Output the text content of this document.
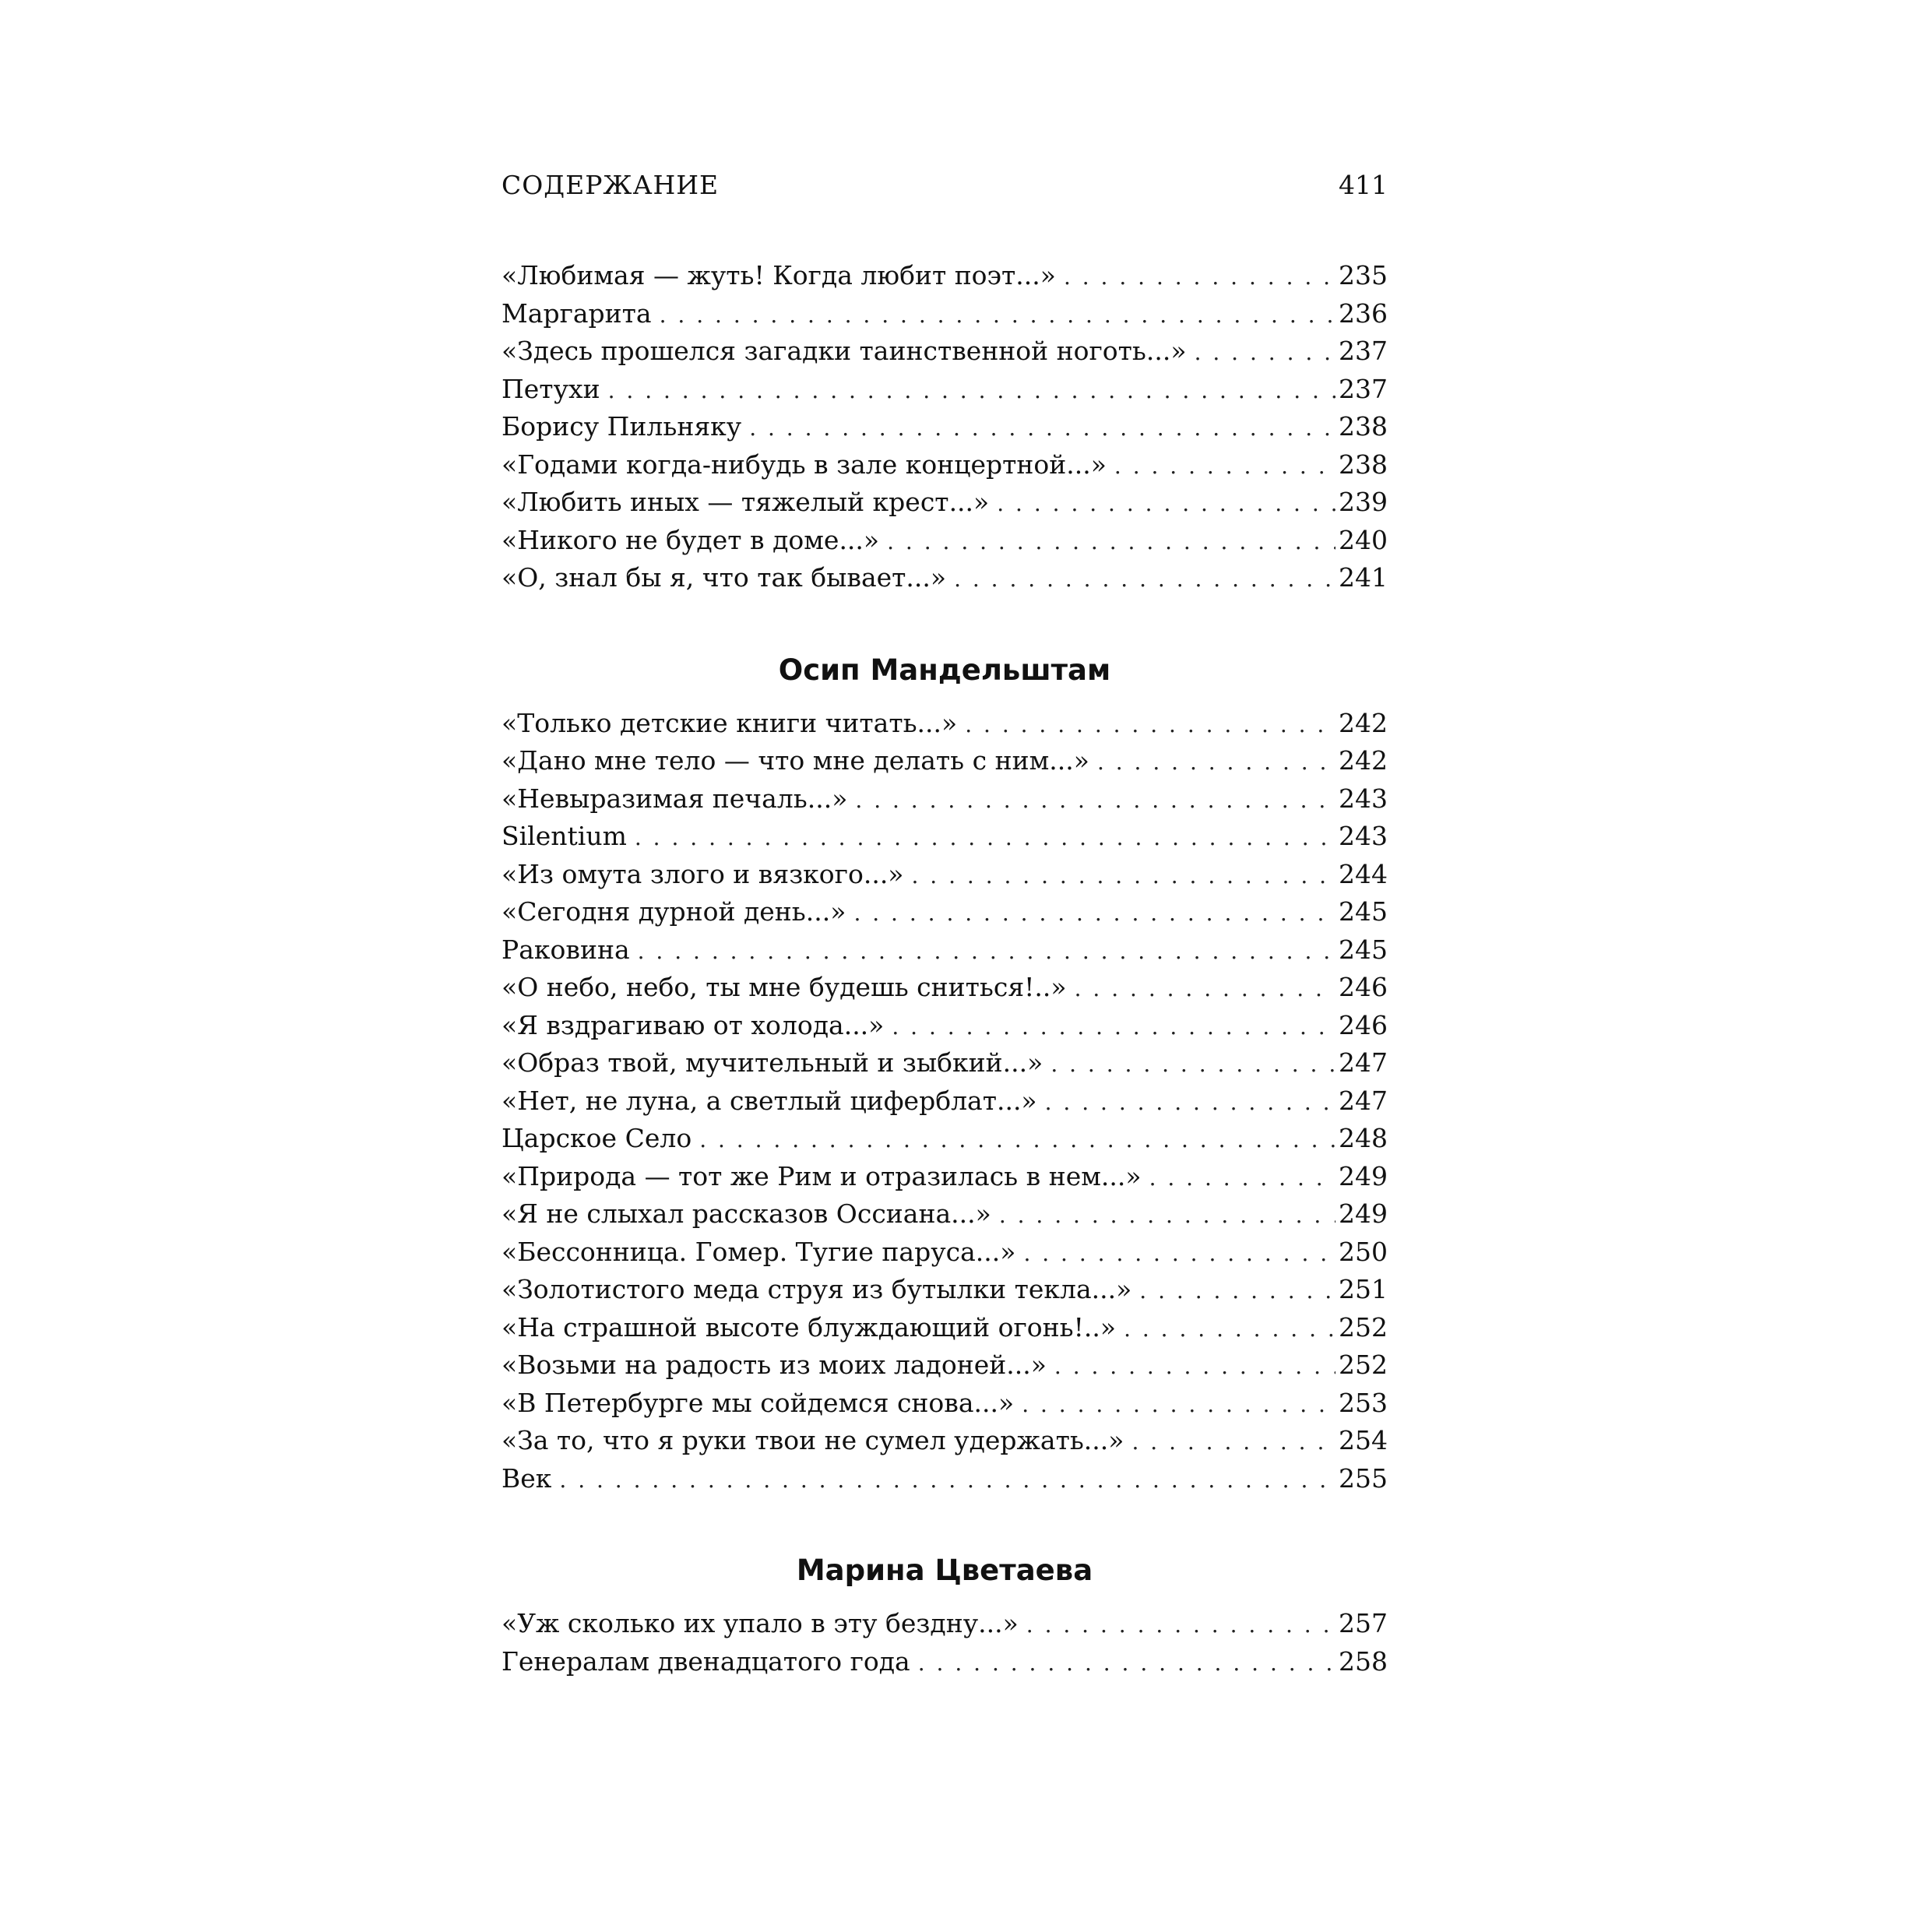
СОДЕРЖАНИЕ	411
«Любимая — жуть! Когда любит поэт...» . . .	235
Маргарита . . .	236
«Здесь прошелся загадки таинственной ноготь...» . . .	237
Петухи . . .	237
Борису Пильняку . . .	238
«Годами когда-нибудь в зале концертной...» . . .	238
«Любить иных — тяжелый крест...» . . .	239
«Никого не будет в доме...» . . .	240
«О, знал бы я, что так бывает...» . . .	241
Осип Мандельштам
«Только детские книги читать...» . . .	242
«Дано мне тело — что мне делать с ним...» . . .	242
«Невыразимая печаль...» . . .	243
Silentium . . .	243
«Из омута злого и вязкого...» . . .	244
«Сегодня дурной день...» . . .	245
Раковина . . .	245
«О небо, небо, ты мне будешь сниться!..» . . .	246
«Я вздрагиваю от холода...» . . .	246
«Образ твой, мучительный и зыбкий...» . . .	247
«Нет, не луна, а светлый циферблат...» . . .	247
Царское Село . . .	248
«Природа — тот же Рим и отразилась в нем...» . . .	249
«Я не слыхал рассказов Оссиана...» . . .	249
«Бессонница. Гомер. Тугие паруса...» . . .	250
«Золотистого меда струя из бутылки текла...» . . .	251
«На страшной высоте блуждающий огонь!..» . . .	252
«Возьми на радость из моих ладоней...» . . .	252
«В Петербурге мы сойдемся снова...» . . .	253
«За то, что я руки твои не сумел удержать...» . . .	254
Век . . .	255
Марина Цветаева
«Уж сколько их упало в эту бездну...» . . .	257
Генералам двенадцатого года . . .	258
